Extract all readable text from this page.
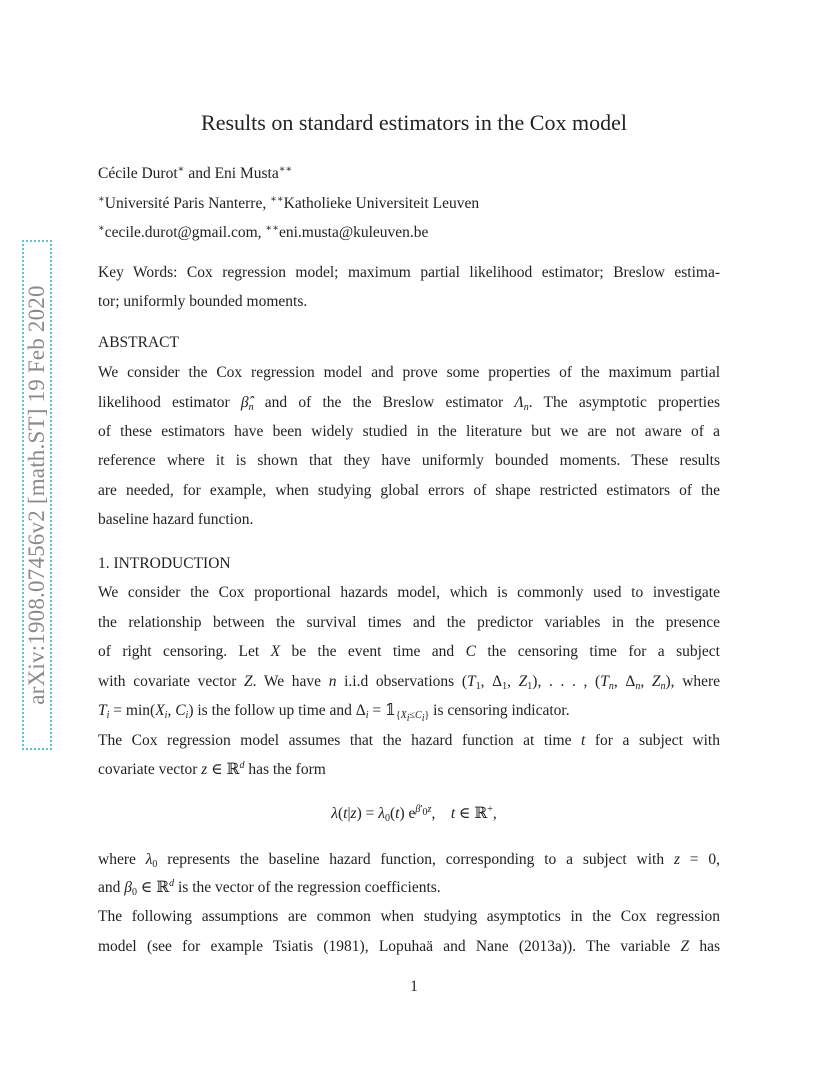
arXiv:1908.07456v2 [math.ST] 19 Feb 2020
Results on standard estimators in the Cox model
Cécile Durot∗ and Eni Musta∗∗
∗Université Paris Nanterre, ∗∗Katholieke Universiteit Leuven
∗cecile.durot@gmail.com, ∗∗eni.musta@kuleuven.be
Key Words: Cox regression model; maximum partial likelihood estimator; Breslow estima-
tor; uniformly bounded moments.
ABSTRACT
We consider the Cox regression model and prove some properties of the maximum partial
likelihood estimator $\betâ_n$ and of the the Breslow estimator $\Lambda_n$. The asymptotic properties
of these estimators have been widely studied in the literature but we are not aware of a
reference where it is shown that they have uniformly bounded moments. These results
are needed, for example, when studying global errors of shape restricted estimators of the
baseline hazard function.
1. INTRODUCTION
We consider the Cox proportional hazards model, which is commonly used to investigate
the relationship between the survival times and the predictor variables in the presence
of right censoring. Let X be the event time and C the censoring time for a subject
with covariate vector Z. We have n i.i.d observations ($T_1$, $\Delta_1$, $Z_1$), . . . , ($T_n$, $\Delta_n$, $Z_n$), where
$T_i = \min(X_i$, $C_i$) is the follow up time and $\Delta_i$ = $𝟙_{\{X_i\le C_i\}}$ is censoring indicator.
The Cox regression model assumes that the hazard function at time t for a subject with
covariate vector z ∈ ℝ$^d$ has the form
$\lambda(t|z) = \lambda_0(t)$ $e^{\beta'_0z}$,    t ∈ ℝ+,
where $\lambda_0$ represents the baseline hazard function, corresponding to a subject with z = 0,
and $\beta_0$ ∈ ℝ$^d$ is the vector of the regression coefficients.
The following assumptions are common when studying asymptotics in the Cox regression
model (see for example Tsiatis (1981), Lopuhaä and Nane (2013a)). The variable Z has
1
